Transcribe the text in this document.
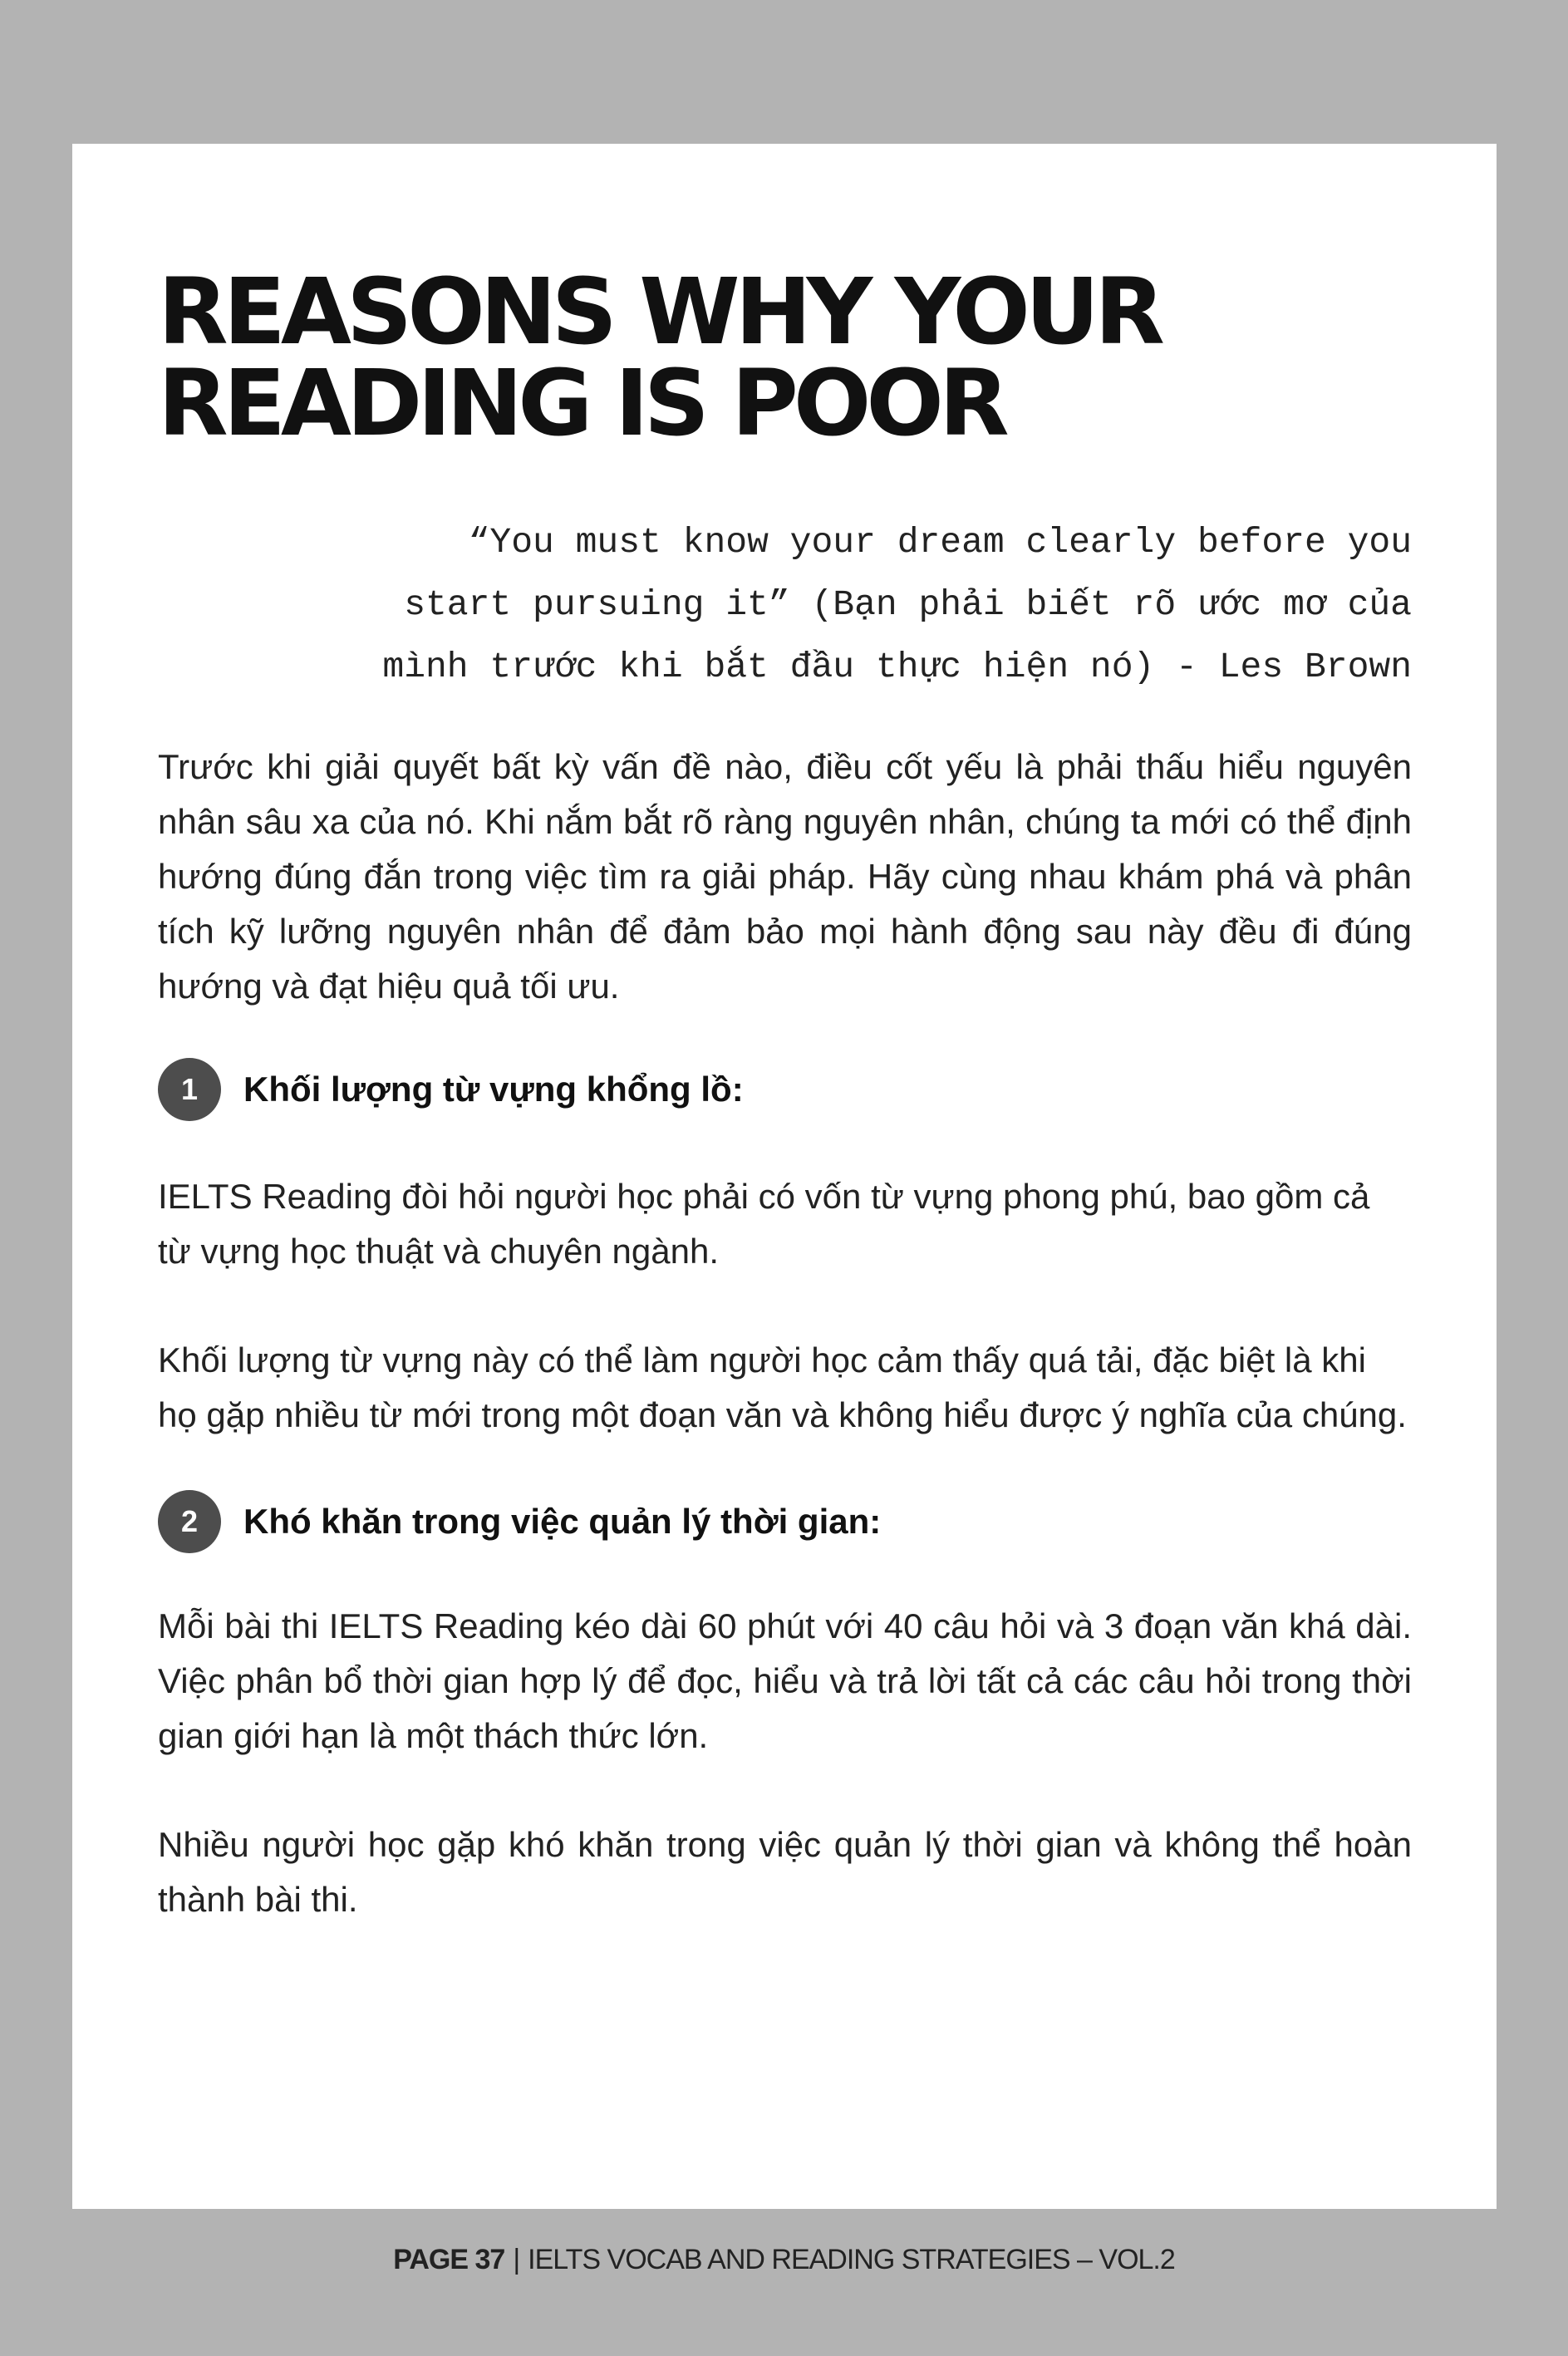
REASONS WHY YOUR
READING IS POOR
“You must know your dream clearly before you
start pursuing it” (Bạn phải biết rõ ước mơ của
mình trước khi bắt đầu thực hiện nó) - Les Brown

Trước khi giải quyết bất kỳ vấn đề nào, điều cốt yếu là phải thấu hiểu nguyên nhân sâu xa của nó. Khi nắm bắt rõ ràng nguyên nhân, chúng ta mới có thể định hướng đúng đắn trong việc tìm ra giải pháp. Hãy cùng nhau khám phá và phân tích kỹ lưỡng nguyên nhân để đảm bảo mọi hành động sau này đều đi đúng hướng và đạt hiệu quả tối ưu.

1	Khối lượng từ vựng khổng lồ:

IELTS Reading đòi hỏi người học phải có vốn từ vựng phong phú, bao gồm cả từ vựng học thuật và chuyên ngành.

Khối lượng từ vựng này có thể làm người học cảm thấy quá tải, đặc biệt là khi họ gặp nhiều từ mới trong một đoạn văn và không hiểu được ý nghĩa của chúng.

2	Khó khăn trong việc quản lý thời gian:

Mỗi bài thi IELTS Reading kéo dài 60 phút với 40 câu hỏi và 3 đoạn văn khá dài. Việc phân bổ thời gian hợp lý để đọc, hiểu và trả lời tất cả các câu hỏi trong thời gian giới hạn là một thách thức lớn.

Nhiều người học gặp khó khăn trong việc quản lý thời gian và không thể hoàn thành bài thi.

PAGE 37 | IELTS VOCAB AND READING STRATEGIES – VOL.2
